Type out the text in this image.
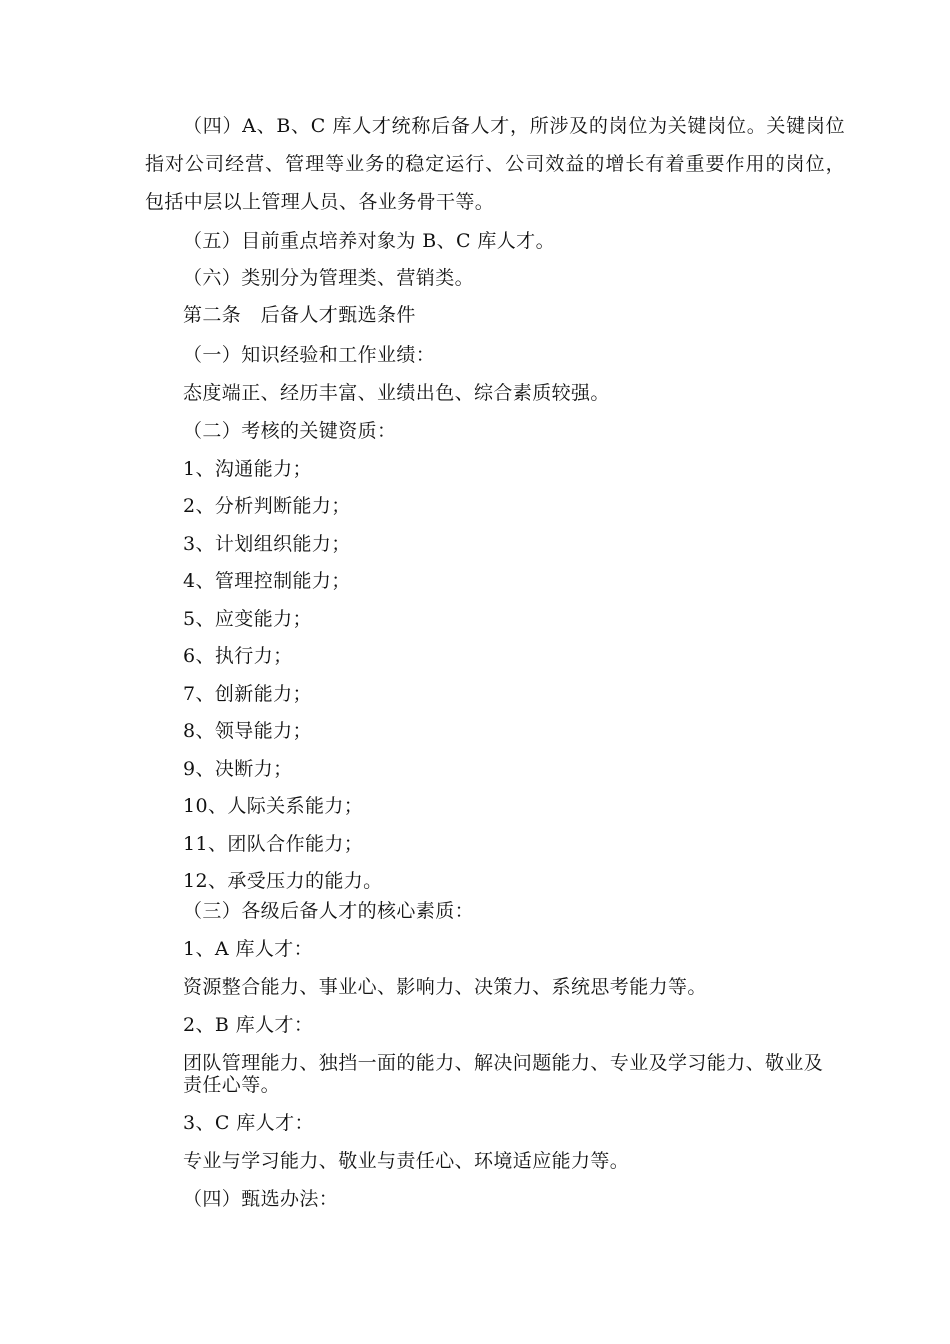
（四）A、B、C 库人才统称后备人才，所涉及的岗位为关键岗位。关键岗位
指对公司经营、管理等业务的稳定运行、公司效益的增长有着重要作用的岗位，
包括中层以上管理人员、各业务骨干等。
（五）目前重点培养对象为 B、C 库人才。
（六）类别分为管理类、营销类。
第二条　后备人才甄选条件
（一）知识经验和工作业绩：
态度端正、经历丰富、业绩出色、综合素质较强。
（二）考核的关键资质：
1、沟通能力；
2、分析判断能力；
3、计划组织能力；
4、管理控制能力；
5、应变能力；
6、执行力；
7、创新能力；
8、领导能力；
9、决断力；
10、人际关系能力；
11、团队合作能力；
12、承受压力的能力。
（三）各级后备人才的核心素质：
1、A 库人才：
资源整合能力、事业心、影响力、决策力、系统思考能力等。
2、B 库人才：
团队管理能力、独挡一面的能力、解决问题能力、专业及学习能力、敬业及
责任心等。
3、C 库人才：
专业与学习能力、敬业与责任心、环境适应能力等。
（四）甄选办法：
